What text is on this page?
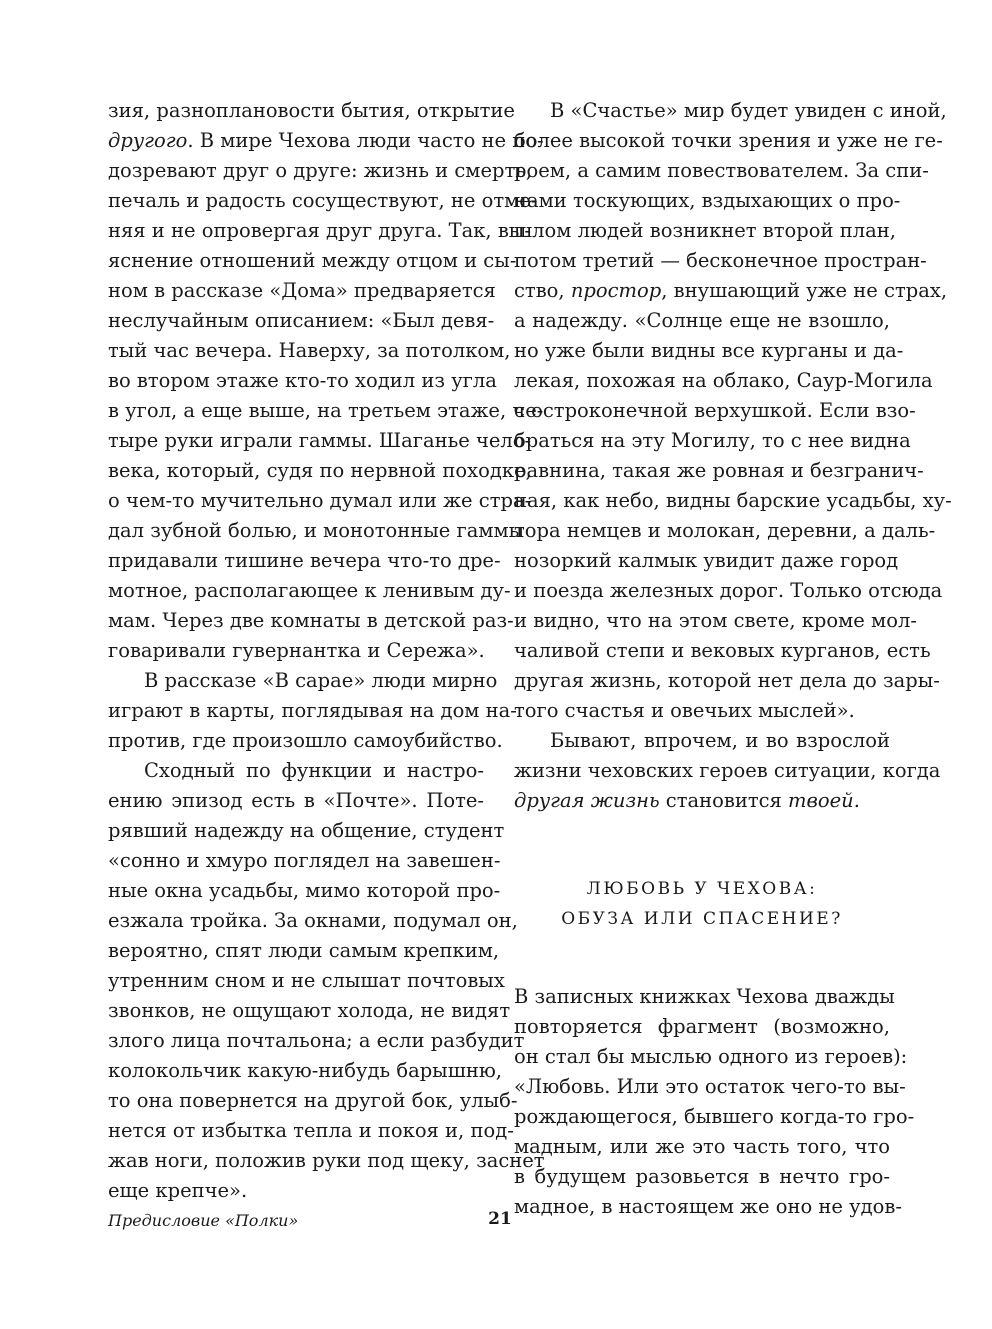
зия, разноплановости бытия, открытие
другого. В мире Чехова люди часто не по-
дозревают друг о друге: жизнь и смерть,
печаль и радость сосуществуют, не отме-
няя и не опровергая друг друга. Так, вы-
яснение отношений между отцом и сы-
ном в рассказе «Дома» предваряется
неслучайным описанием: «Был девя-
тый час вечера. Наверху, за потолком,
во втором этаже кто-то ходил из угла
в угол, а еще выше, на третьем этаже, че-
тыре руки играли гаммы. Шаганье чело-
века, который, судя по нервной походке,
о чем-то мучительно думал или же стра-
дал зубной болью, и монотонные гаммы
придавали тишине вечера что-то дре-
мотное, располагающее к ленивым ду-
мам. Через две комнаты в детской раз-
говаривали гувернантка и Сережа».
В рассказе «В сарае» люди мирно
играют в карты, поглядывая на дом на-
против, где произошло самоубийство.
Сходный по функции и настро-
ению эпизод есть в «Почте». Поте-
рявший надежду на общение, студент
«сонно и хмуро поглядел на завешен-
ные окна усадьбы, мимо которой про-
езжала тройка. За окнами, подумал он,
вероятно, спят люди самым крепким,
утренним сном и не слышат почтовых
звонков, не ощущают холода, не видят
злого лица почтальона; а если разбудит
колокольчик какую-нибудь барышню,
то она повернется на другой бок, улыб-
нется от избытка тепла и покоя и, под-
жав ноги, положив руки под щеку, заснет
еще крепче».
В «Счастье» мир будет увиден с иной,
более высокой точки зрения и уже не ге-
роем, а самим повествователем. За спи-
нами тоскующих, вздыхающих о про-
шлом людей возникнет второй план,
потом третий — бесконечное простран-
ство, простор, внушающий уже не страх,
а надежду. «Солнце еще не взошло,
но уже были видны все курганы и да-
лекая, похожая на облако, Саур-Могила
с остроконечной верхушкой. Если взо-
браться на эту Могилу, то с нее видна
равнина, такая же ровная и безгранич-
ная, как небо, видны барские усадьбы, ху-
тора немцев и молокан, деревни, а даль-
нозоркий калмык увидит даже город
и поезда железных дорог. Только отсюда
и видно, что на этом свете, кроме мол-
чаливой степи и вековых курганов, есть
другая жизнь, которой нет дела до зары-
того счастья и овечьих мыслей».
Бывают, впрочем, и во взрослой
жизни чеховских героев ситуации, когда
другая жизнь становится твоей.

ЛЮБОВЬ У ЧЕХОВА:

ОБУЗА ИЛИ СПАСЕНИЕ?

В записных книжках Чехова дважды
повторяется фрагмент (возможно,
он стал бы мыслью одного из героев):
«Любовь. Или это остаток чего-то вы-
рождающегося, бывшего когда-то гро-
мадным, или же это часть того, что
в будущем разовьется в нечто гро-
мадное, в настоящем же оно не удов-
Предисловие «Полки»	21
